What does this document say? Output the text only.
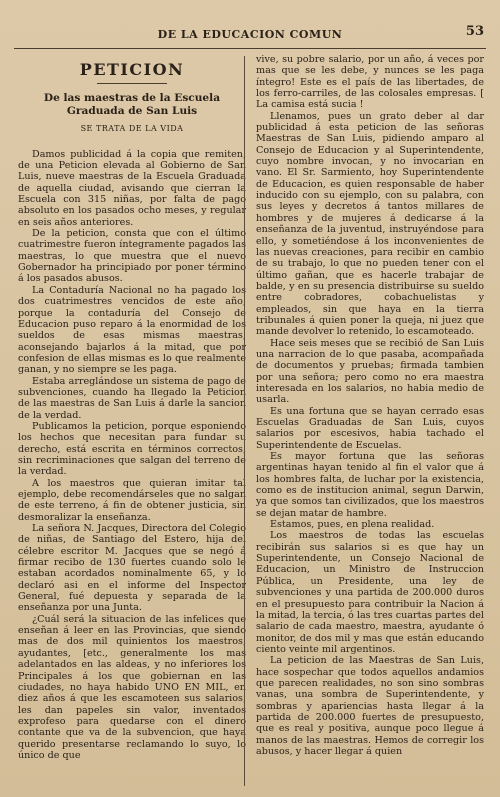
DE LA EDUCACION COMUN	53
PETICION
De las maestras de la Escuela Graduada de San Luis
SE TRATA DE LA VIDA

Damos publicidad á la copia que remiten, de una Peticion elevada al Gobierno de San Luis, nueve maestras de la Escuela Graduada de aquella ciudad, avisando que cierran la Escuela con 315 niñas, por falta de pago absoluto en los pasados ocho meses, y regular en seis años anteriores.

De la peticion, consta que con el último cuatrimestre fueron íntegramente pagados las maestras, lo que muestra que el nuevo Gobernador ha principiado por poner término á los pasados abusos.

La Contaduría Nacional no ha pagado los dos cuatrimestres vencidos de este año, porque la contaduría del Consejo de Educacion puso reparo á la enormidad de los sueldos de esas mismas maestras, aconsejando bajarlos á la mitad, que por confesion de ellas mismas es lo que realmente ganan, y no siempre se les paga.

Estaba arreglándose un sistema de pago de subvenciones, cuando ha llegado la Peticion de las maestras de San Luis á darle la sancion de la verdad.

Publicamos la peticion, porque esponiendo los hechos que necesitan para fundar su derecho, está escrita en términos correctos, sin recriminaciones que salgan del terreno de la verdad.

A los maestros que quieran imitar tal ejemplo, debe recomendárseles que no salgan de este terreno, á fin de obtener justicia, sin desmoralizar la enseñanza.

La señora N. Jacques, Directora del Colegio de niñas, de Santiago del Estero, hija del célebre escritor M. Jacques que se negó á firmar recibo de 130 fuertes cuando solo le estaban acordados nominalmente 65, y lo declaró asi en el informe del Inspector General, fué depuesta y separada de la enseñanza por una Junta.

¿Cuál será la situacion de las infelices que enseñan á leer en las Provincias, que siendo mas de dos mil quinientos los maestros, ayudantes, [etc., generalmente los mas adelantados en las aldeas, y no inferiores los Principales á los que gobiernan en las ciudades, no haya habido UNO EN MIL, en diez años á que les escamoteen sus salarios, les dan papeles sin valor, inventados exprofeso para quedarse con el dinero contante que va de la subvencion, que haya querido presentarse reclamando lo suyo, lo único de que

vive, su pobre salario, por un año, á veces por mas que se les debe, y nunces se les paga íntegro! Este es el país de las libertades, de los ferro-carriles, de las colosales empresas. [ La camisa está sucia !

Llenamos, pues un grato deber al dar publicidad á esta peticion de las señoras Maestras de San Luis, pidiendo amparo al Consejo de Educacion y al Superintendente, cuyo nombre invocan, y no invocarian en vano. El Sr. Sarmiento, hoy Superintendente de Educacion, es quien responsable de haber inducido con su ejemplo, con su palabra, con sus leyes y decretos á tantos millares de hombres y de mujeres á dedicarse á la enseñanza de la juventud, instruyéndose para ello, y sometiéndose á los inconvenientes de las nuevas creaciones, para recibir en cambio de su trabajo, lo que no pueden tener con el último gañan, que es hacerle trabajar de balde, y en su presencia distribuirse su sueldo entre cobradores, cobachuelistas y empleados, sin que haya en la tierra tribunales á quien poner la queja, ni juez que mande devolver lo retenido, lo escamoteado.

Hace seis meses que se recibió de San Luis una narracion de lo que pasaba, acompañada de documentos y pruebas; firmada tambien por una señora; pero como no era maestra interesada en los salarios, no habia medio de usarla.

Es una fortuna que se hayan cerrado esas Escuelas Graduadas de San Luis, cuyos salarios por escesivos, habia tachado el Superintendente de Escuelas.

Es mayor fortuna que las señoras argentinas hayan tenido al fin el valor que á los hombres falta, de luchar por la existencia, como es de institucion animal, segun Darwin, ya que somos tan civilizados, que los maestros se dejan matar de hambre.

Estamos, pues, en plena realidad.

Los maestros de todas las escuelas recibirán sus salarios si es que hay un Superintendente, un Consejo Nacional de Educacion, un Ministro de Instruccion Pública, un Presidente, una ley de subvenciones y una partida de 200.000 duros en el presupuesto para contribuir la Nacion á la mitad, la tercia, ó las tres cuartas partes del salario de cada maestro, maestra, ayudante ó monitor, de dos mil y mas que están educando ciento veinte mil argentinos.

La peticion de las Maestras de San Luis, hace sospechar que todos aquellos andamios que parecen realidades, no son sino sombras vanas, una sombra de Superintendente, y sombras y apariencias hasta llegar á la partida de 200.000 fuertes de presupuesto, que es real y positiva, aunque poco llegue á manos de las maestras. Hemos de corregir los abusos, y hacer llegar á quien
